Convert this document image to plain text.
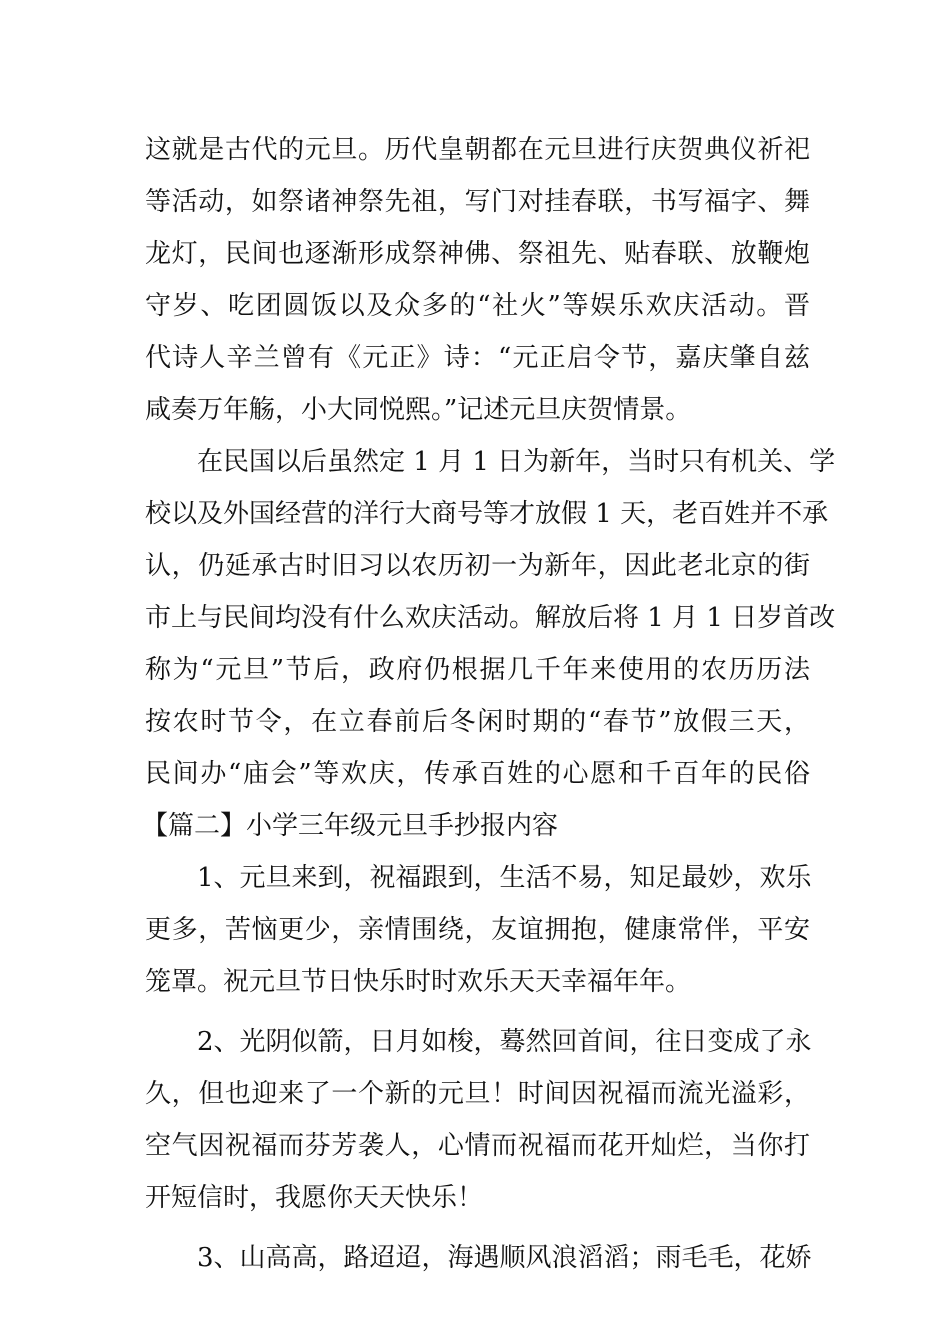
这就是古代的元旦。历代皇朝都在元旦进行庆贺典仪祈祀
等活动，如祭诸神祭先祖，写门对挂春联，书写福字、舞
龙灯，民间也逐渐形成祭神佛、祭祖先、贴春联、放鞭炮
守岁、吃团圆饭以及众多的“社火”等娱乐欢庆活动。晋
代诗人辛兰曾有《元正》诗：“元正启令节，嘉庆肇自兹
咸奏万年觞，小大同悦熙。”记述元旦庆贺情景。
在民国以后虽然定 1 月 1 日为新年，当时只有机关、学
校以及外国经营的洋行大商号等才放假 1 天，老百姓并不承
认，仍延承古时旧习以农历初一为新年，因此老北京的街
市上与民间均没有什么欢庆活动。解放后将 1 月 1 日岁首改
称为“元旦”节后，政府仍根据几千年来使用的农历历法
按农时节令，在立春前后冬闲时期的“春节”放假三天，
民间办“庙会”等欢庆，传承百姓的心愿和千百年的民俗
【篇二】小学三年级元旦手抄报内容
1、元旦来到，祝福跟到，生活不易，知足最妙，欢乐
更多，苦恼更少，亲情围绕，友谊拥抱，健康常伴，平安
笼罩。祝元旦节日快乐时时欢乐天天幸福年年。
2、光阴似箭，日月如梭，蓦然回首间，往日变成了永
久，但也迎来了一个新的元旦！时间因祝福而流光溢彩，
空气因祝福而芬芳袭人，心情而祝福而花开灿烂，当你打
开短信时，我愿你天天快乐！
3、山高高，路迢迢，海遇顺风浪滔滔；雨毛毛，花娇
